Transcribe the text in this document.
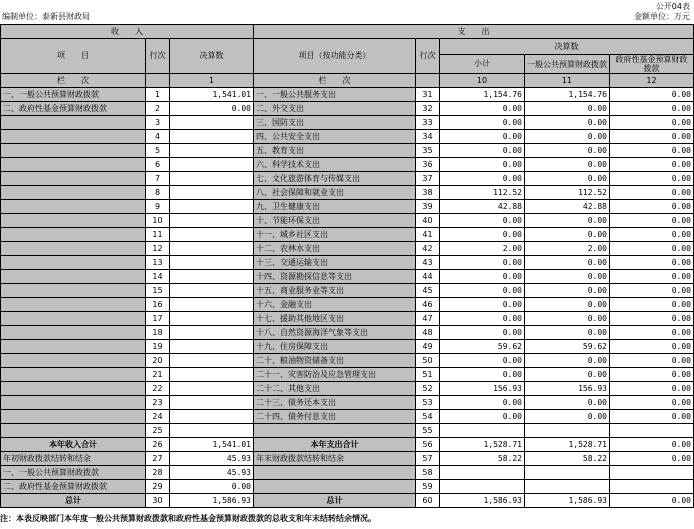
公开04表
编制单位：泰新县财政局	金额单位：万元
收　　入			支　　出				
项　　目	行次	决算数	项目（按功能分类）	行次	决算数		
					小计	一般公共预算财政拨款	政府性基金预算财政拨款
栏　　次		1	栏　　次		10	11	12
一、一般公共预算财政拨款	1	1,541.01	一、一般公共服务支出	31	1,154.76	1,154.76	0.00
二、政府性基金预算财政拨款	2	0.00	二、外交支出	32	0.00	0.00	0.00
	3		三、国防支出	33	0.00	0.00	0.00
	4		四、公共安全支出	34	0.00	0.00	0.00
	5		五、教育支出	35	0.00	0.00	0.00
	6		六、科学技术支出	36	0.00	0.00	0.00
	7		七、文化旅游体育与传媒支出	37	0.00	0.00	0.00
	8		八、社会保障和就业支出	38	112.52	112.52	0.00
	9		九、卫生健康支出	39	42.88	42.88	0.00
	10		十、节能环保支出	40	0.00	0.00	0.00
	11		十一、城乡社区支出	41	0.00	0.00	0.00
	12		十二、农林水支出	42	2.00	2.00	0.00
	13		十三、交通运输支出	43	0.00	0.00	0.00
	14		十四、资源勘探信息等支出	44	0.00	0.00	0.00
	15		十五、商业服务业等支出	45	0.00	0.00	0.00
	16		十六、金融支出	46	0.00	0.00	0.00
	17		十七、援助其他地区支出	47	0.00	0.00	0.00
	18		十八、自然资源海洋气象等支出	48	0.00	0.00	0.00
	19		十九、住房保障支出	49	59.62	59.62	0.00
	20		二十、粮油物资储备支出	50	0.00	0.00	0.00
	21		二十一、灾害防治及应急管理支出	51	0.00	0.00	0.00
	22		二十二、其他支出	52	156.93	156.93	0.00
	23		二十三、债务还本支出	53	0.00	0.00	0.00
	24		二十四、债务付息支出	54	0.00	0.00	0.00
	25			55			
本年收入合计	26	1,541.01	本年支出合计	56	1,528.71	1,528.71	0.00
年初财政拨款结转和结余	27	45.93	年末财政拨款结转和结余	57	58.22	58.22	0.00
一、一般公共预算财政拨款	28	45.93		58			
二、政府性基金预算财政拨款	29	0.00		59			
总计	30	1,586.93	总计	60	1,586.93	1,586.93	0.00
注：本表反映部门本年度一般公共预算财政拨款和政府性基金预算财政拨款的总收支和年末结转结余情况。
